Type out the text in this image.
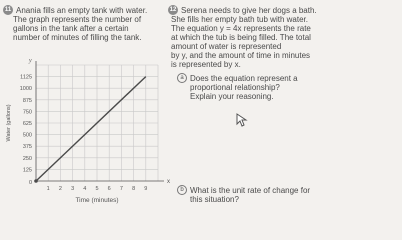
11 Anania fills an empty tank with water.
The graph represents the number of
gallons in the tank after a certain
number of minutes of filling the tank.
x
y
0
1 2 3 4 5 6 7 8 9
125
250
375
500
625
750
875
1000
1125
Time (minutes)
Water (gallons)
12 Serena needs to give her dogs a bath.
She fills her empty bath tub with water.
The equation y = 4x represents the rate
at which the tub is being filled. The total
amount of water is represented
by y, and the amount of time in minutes
is represented by x.
a Does the equation represent a
proportional relationship?
Explain your reasoning.
b What is the unit rate of change for
this situation?
